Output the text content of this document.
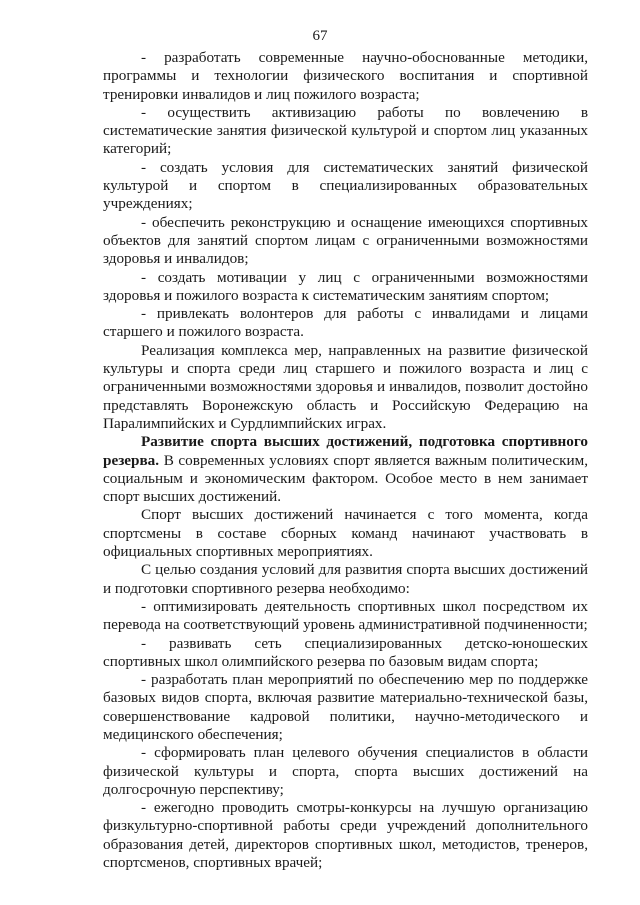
67

- разработать современные научно-обоснованные методики, программы и технологии физического воспитания и спортивной тренировки инвалидов и лиц пожилого возраста;

- осуществить активизацию работы по вовлечению в систематические занятия физической культурой и спортом лиц указанных категорий;

- создать условия для систематических занятий физической культурой и спортом в специализированных образовательных учреждениях;

- обеспечить реконструкцию и оснащение имеющихся спортивных объектов для занятий спортом лицам с ограниченными возможностями здоровья и инвалидов;

- создать мотивации у лиц с ограниченными возможностями здоровья и пожилого возраста к систематическим занятиям спортом;

- привлекать волонтеров для работы с инвалидами и лицами старшего и пожилого возраста.

Реализация комплекса мер, направленных на развитие физической культуры и спорта среди лиц старшего и пожилого возраста и лиц с ограниченными возможностями здоровья и инвалидов, позволит достойно представлять Воронежскую область и Российскую Федерацию на Паралимпийских и Сурдлимпийских играх.

Развитие спорта высших достижений, подготовка спортивного резерва. В современных условиях спорт является важным политическим, социальным и экономическим фактором. Особое место в нем занимает спорт высших достижений.

Спорт высших достижений начинается с того момента, когда спортсмены в составе сборных команд начинают участвовать в официальных спортивных мероприятиях.

С целью создания условий для развития спорта высших достижений и подготовки спортивного резерва необходимо:

- оптимизировать деятельность спортивных школ посредством их перевода на соответствующий уровень административной подчиненности;

- развивать сеть специализированных детско-юношеских спортивных школ олимпийского резерва по базовым видам спорта;

- разработать план мероприятий по обеспечению мер по поддержке базовых видов спорта, включая развитие материально-технической базы, совершенствование кадровой политики, научно-методического и медицинского обеспечения;

- сформировать план целевого обучения специалистов в области физической культуры и спорта, спорта высших достижений на долгосрочную перспективу;

- ежегодно проводить смотры-конкурсы на лучшую организацию физкультурно-спортивной работы среди учреждений дополнительного образования детей, директоров спортивных школ, методистов, тренеров, спортсменов, спортивных врачей;
